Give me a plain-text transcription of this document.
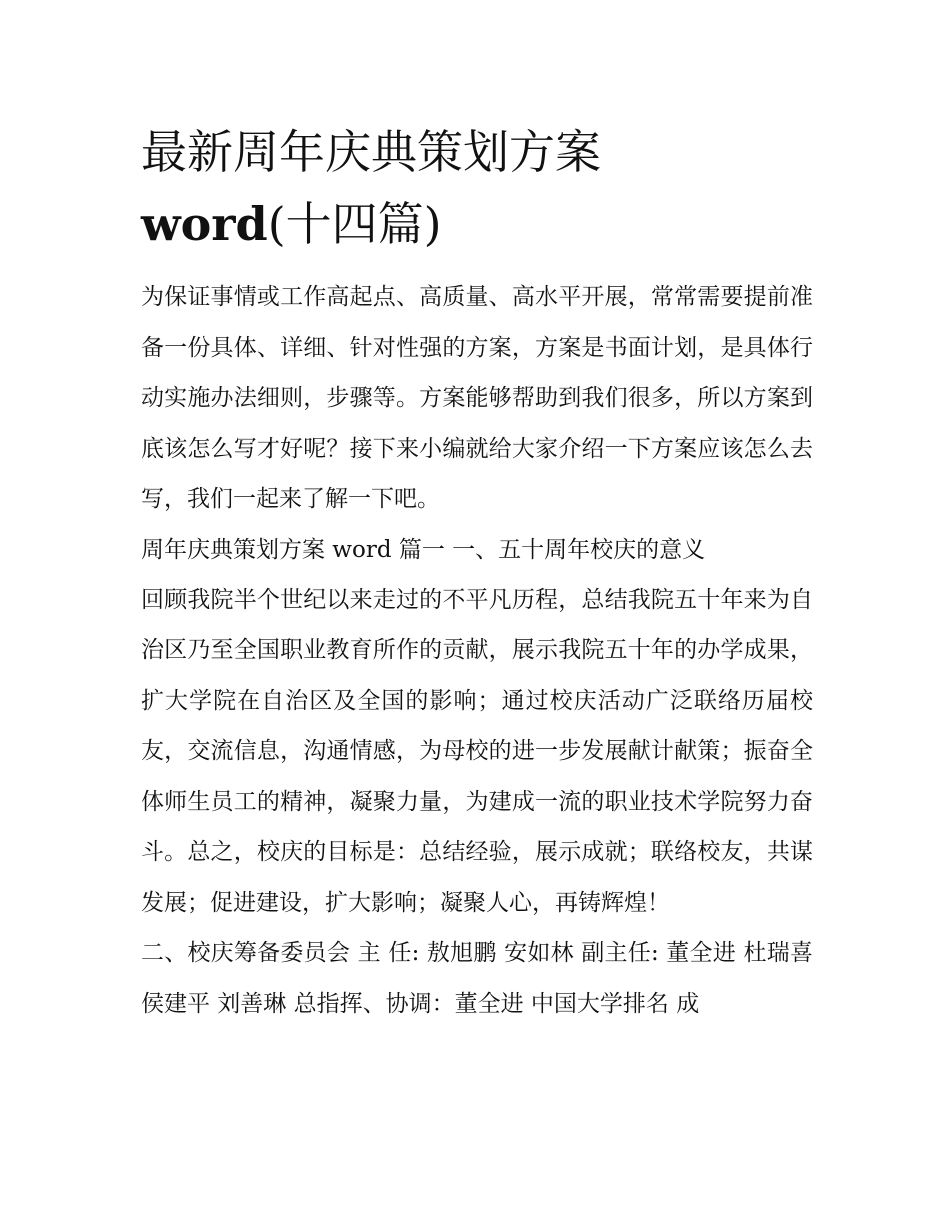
最新周年庆典策划方案
word(十四篇)

为保证事情或工作高起点、高质量、高水平开展，常常需要提前准备一份具体、详细、针对性强的方案，方案是书面计划，是具体行动实施办法细则，步骤等。方案能够帮助到我们很多，所以方案到底该怎么写才好呢？接下来小编就给大家介绍一下方案应该怎么去写，我们一起来了解一下吧。

周年庆典策划方案 word 篇一 一、五十周年校庆的意义

回顾我院半个世纪以来走过的不平凡历程，总结我院五十年来为自治区乃至全国职业教育所作的贡献，展示我院五十年的办学成果，扩大学院在自治区及全国的影响；通过校庆活动广泛联络历届校友，交流信息，沟通情感，为母校的进一步发展献计献策；振奋全体师生员工的精神，凝聚力量，为建成一流的职业技术学院努力奋斗。总之，校庆的目标是：总结经验，展示成就；联络校友，共谋发展；促进建设，扩大影响；凝聚人心，再铸辉煌！

二、校庆筹备委员会 主 任: 敖旭鹏 安如林 副主任: 董全进 杜瑞喜 侯建平 刘善琳 总指挥、协调：董全进 中国大学排名 成
